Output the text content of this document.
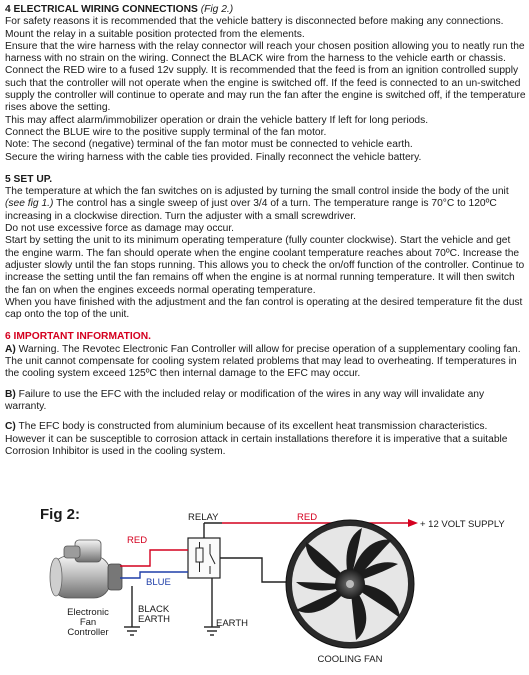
4 ELECTRICAL WIRING CONNECTIONS (Fig 2.)

For safety reasons it is recommended that the vehicle battery is disconnected before making any connections. Mount the relay in a suitable position protected from the elements.

Ensure that the wire harness with the relay connector will reach your chosen position allowing you to neatly run the harness with no strain on the wiring. Connect the BLACK wire from the harness to the vehicle earth or chassis. Connect the RED wire to a fused 12v supply. It is recommended that the feed is from an ignition controlled supply such that the controller will not operate when the engine is switched off. If the feed is connected to an un-switched supply the controller will continue to operate and may run the fan after the engine is switched off, if the temperature rises above the setting.

This may affect alarm/immobilizer operation or drain the vehicle battery If left for long periods.

Connect the BLUE wire to the positive supply terminal of the fan motor.

Note: The second (negative) terminal of the fan motor must be connected to vehicle earth.

Secure the wiring harness with the cable ties provided. Finally reconnect the vehicle battery.

5 SET UP.

The temperature at which the fan switches on is adjusted by turning the small control inside the body of the unit (see fig 1.) The control has a single sweep of just over 3/4 of a turn. The temperature range is 70°C to 120ºC increasing in a clockwise direction. Turn the adjuster with a small screwdriver.

Do not use excessive force as damage may occur.

Start by setting the unit to its minimum operating temperature (fully counter clockwise). Start the vehicle and get the engine warm. The fan should operate when the engine coolant temperature reaches about 70ºC. Increase the adjuster slowly until the fan stops running. This allows you to check the on/off function of the controller. Continue to increase the setting until the fan remains off when the engine is at normal running temperature. It will then switch the fan on when the engines exceeds normal operating temperature.

When you have finished with the adjustment and the fan control is operating at the desired temperature fit the dust cap onto the top of the unit.

6 IMPORTANT INFORMATION.

A) Warning. The Revotec Electronic Fan Controller will allow for precise operation of a supplementary cooling fan. The unit cannot compensate for cooling system related problems that may lead to overheating. If temperatures in the cooling system exceed 125ºC then internal damage to the EFC may occur.

B) Failure to use the EFC with the included relay or modification of the wires in any way will invalidate any warranty.

C) The EFC body is constructed from aluminium because of its excellent heat transmission characteristics. However it can be susceptible to corrosion attack in certain installations therefore it is imperative that a suitable Corrosion Inhibitor is used in the cooling system.

Fig 2:	RED
+ 12 VOLT SUPPLY
RELAY
EARTH
RED
BLUE
BLACK
EARTH
Electronic
Fan
Controller
COOLING FAN
